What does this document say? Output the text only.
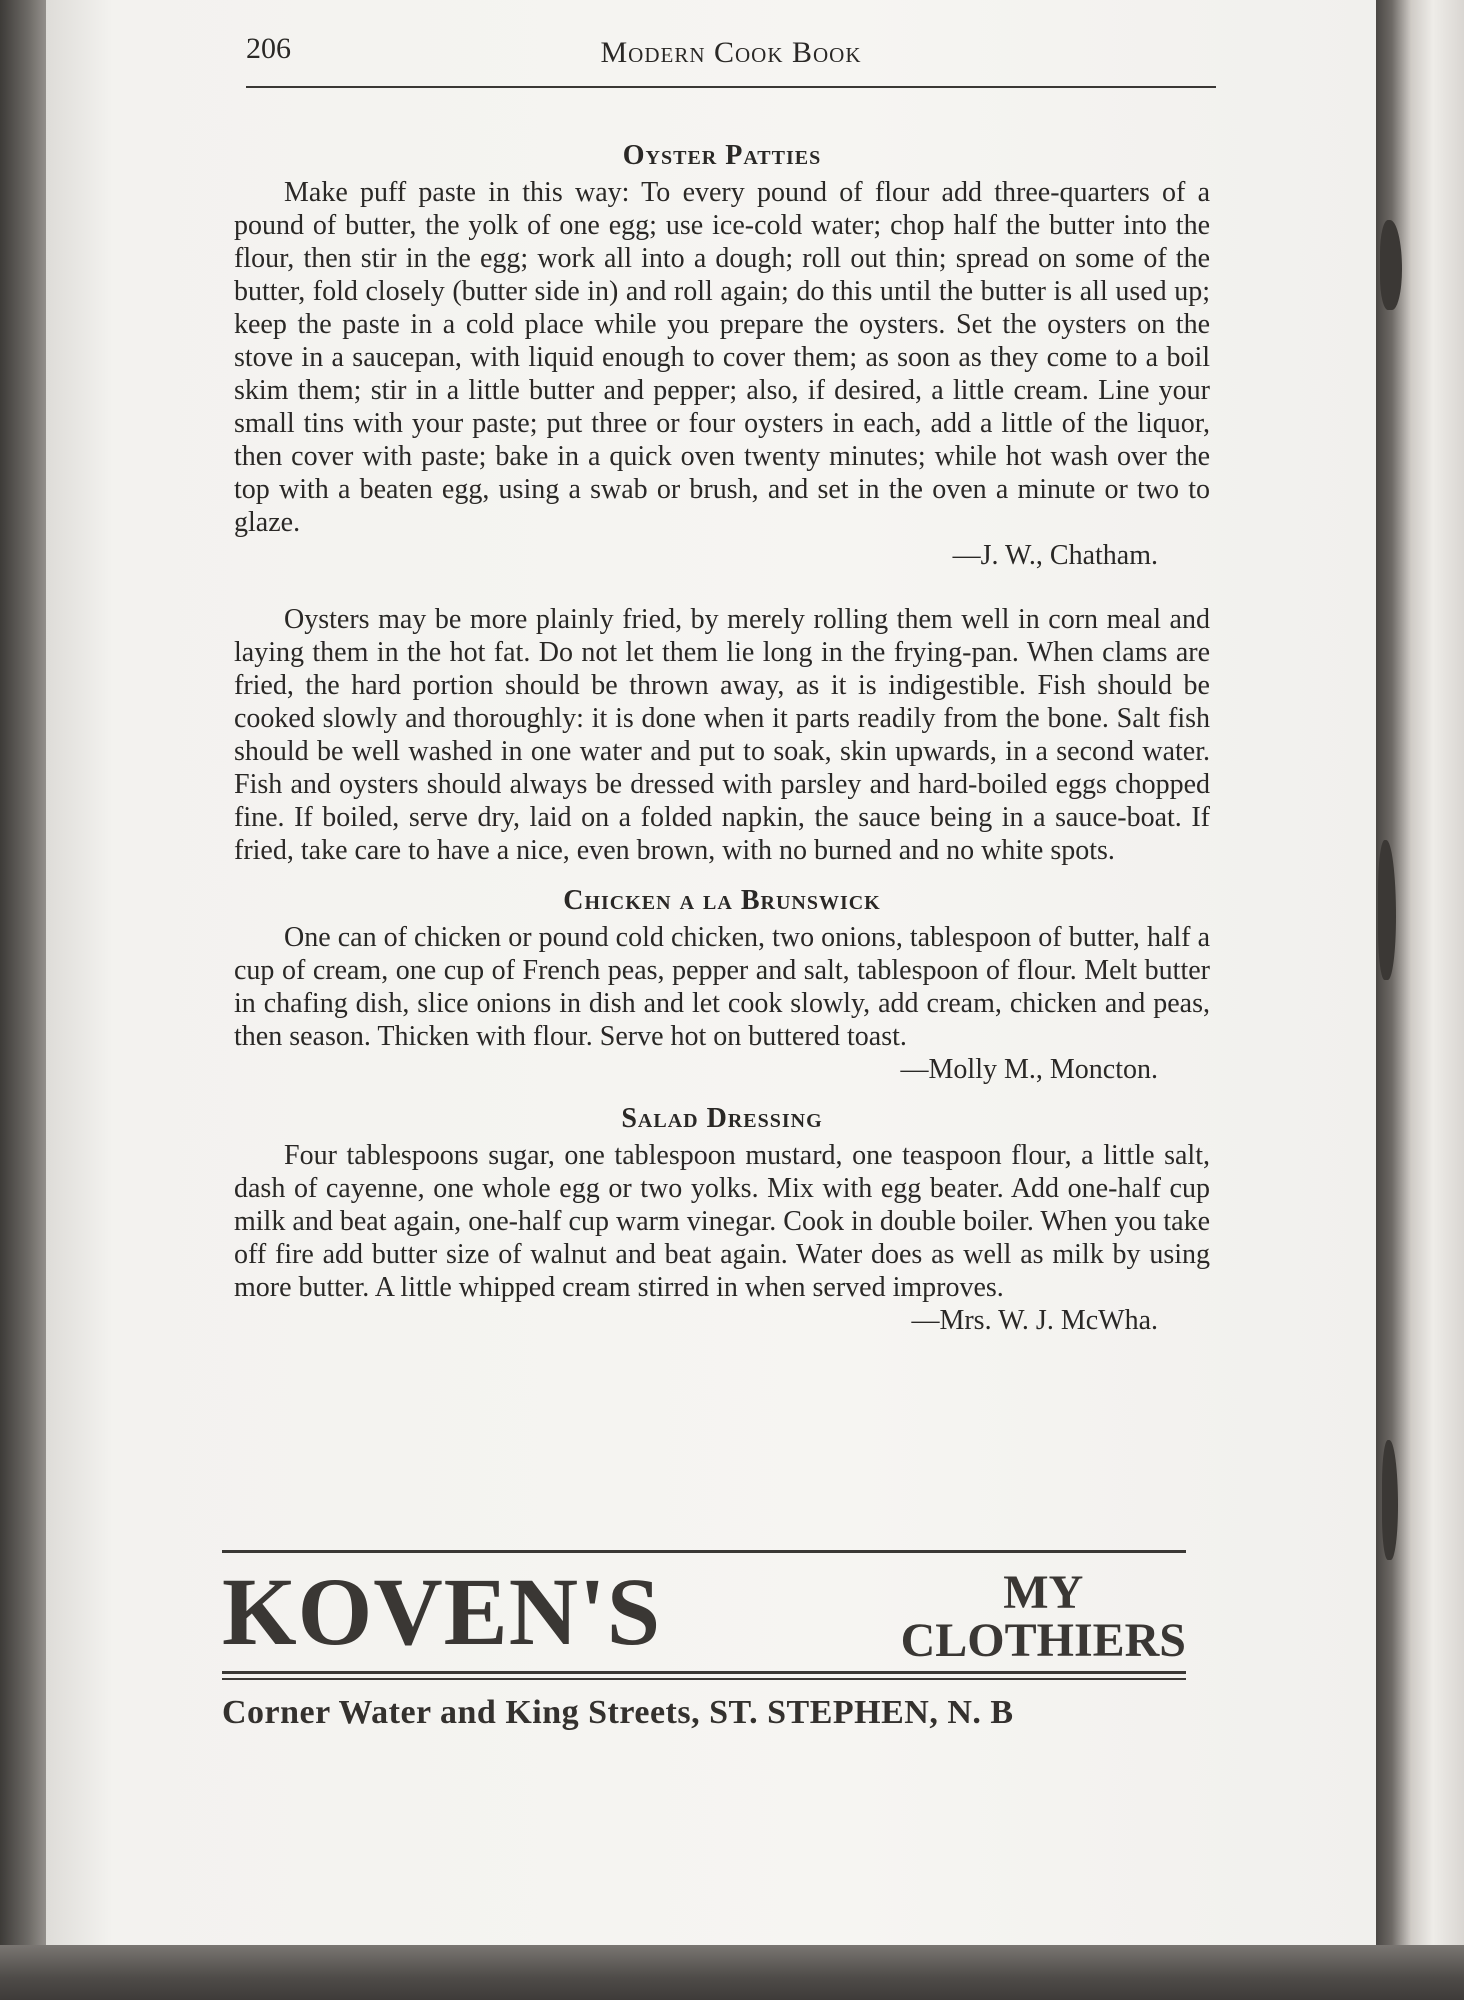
206	Modern Cook Book
Oyster Patties

Make puff paste in this way: To every pound of flour add three-quarters of a pound of butter, the yolk of one egg; use ice-cold water; chop half the butter into the flour, then stir in the egg; work all into a dough; roll out thin; spread on some of the butter, fold closely (butter side in) and roll again; do this until the butter is all used up; keep the paste in a cold place while you prepare the oysters. Set the oysters on the stove in a saucepan, with liquid enough to cover them; as soon as they come to a boil skim them; stir in a little butter and pepper; also, if desired, a little cream. Line your small tins with your paste; put three or four oysters in each, add a little of the liquor, then cover with paste; bake in a quick oven twenty minutes; while hot wash over the top with a beaten egg, using a swab or brush, and set in the oven a minute or two to glaze.

—J. W., Chatham.

Oysters may be more plainly fried, by merely rolling them well in corn meal and laying them in the hot fat. Do not let them lie long in the frying-pan. When clams are fried, the hard portion should be thrown away, as it is indigestible. Fish should be cooked slowly and thoroughly: it is done when it parts readily from the bone. Salt fish should be well washed in one water and put to soak, skin upwards, in a second water. Fish and oysters should always be dressed with parsley and hard-boiled eggs chopped fine. If boiled, serve dry, laid on a folded napkin, the sauce being in a sauce-boat. If fried, take care to have a nice, even brown, with no burned and no white spots.

Chicken a la Brunswick

One can of chicken or pound cold chicken, two onions, tablespoon of butter, half a cup of cream, one cup of French peas, pepper and salt, tablespoon of flour. Melt butter in chafing dish, slice onions in dish and let cook slowly, add cream, chicken and peas, then season. Thicken with flour. Serve hot on buttered toast.

—Molly M., Moncton.

Salad Dressing

Four tablespoons sugar, one tablespoon mustard, one teaspoon flour, a little salt, dash of cayenne, one whole egg or two yolks. Mix with egg beater. Add one-half cup milk and beat again, one-half cup warm vinegar. Cook in double boiler. When you take off fire add butter size of walnut and beat again. Water does as well as milk by using more butter. A little whipped cream stirred in when served improves.

—Mrs. W. J. McWha.

KOVEN'S	MY
CLOTHIERS
Corner Water and King Streets, ST. STEPHEN, N. B
